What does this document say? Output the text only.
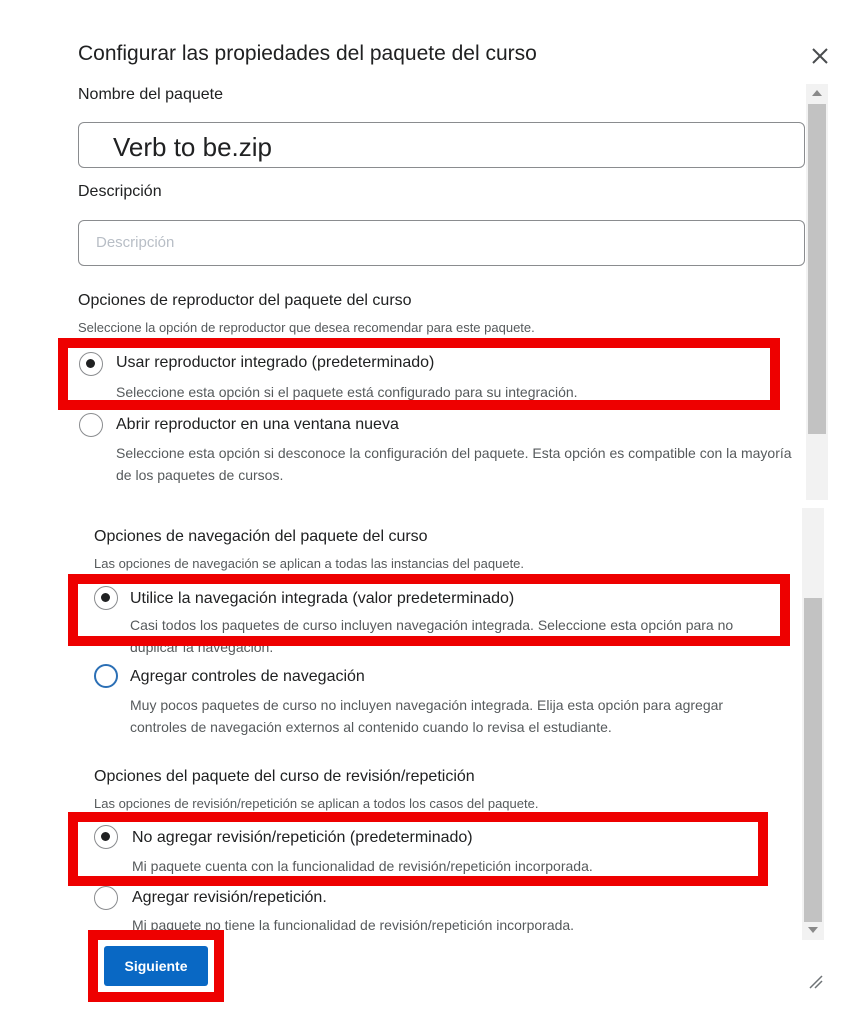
Configurar las propiedades del paquete del curso
Nombre del paquete
Verb to be.zip
Descripción
Descripción
Opciones de reproductor del paquete del curso
Seleccione la opción de reproductor que desea recomendar para este paquete.
Usar reproductor integrado (predeterminado)
Seleccione esta opción si el paquete está configurado para su integración.
Abrir reproductor en una ventana nueva
Seleccione esta opción si desconoce la configuración del paquete. Esta opción es compatible con la mayoría de los paquetes de cursos.
Opciones de navegación del paquete del curso
Las opciones de navegación se aplican a todas las instancias del paquete.
Utilice la navegación integrada (valor predeterminado)
Casi todos los paquetes de curso incluyen navegación integrada. Seleccione esta opción para no duplicar la navegación.
Agregar controles de navegación
Muy pocos paquetes de curso no incluyen navegación integrada. Elija esta opción para agregar controles de navegación externos al contenido cuando lo revisa el estudiante.
Opciones del paquete del curso de revisión/repetición
Las opciones de revisión/repetición se aplican a todos los casos del paquete.
No agregar revisión/repetición (predeterminado)
Mi paquete cuenta con la funcionalidad de revisión/repetición incorporada.
Agregar revisión/repetición.
Mi paquete no tiene la funcionalidad de revisión/repetición incorporada.
Siguiente
